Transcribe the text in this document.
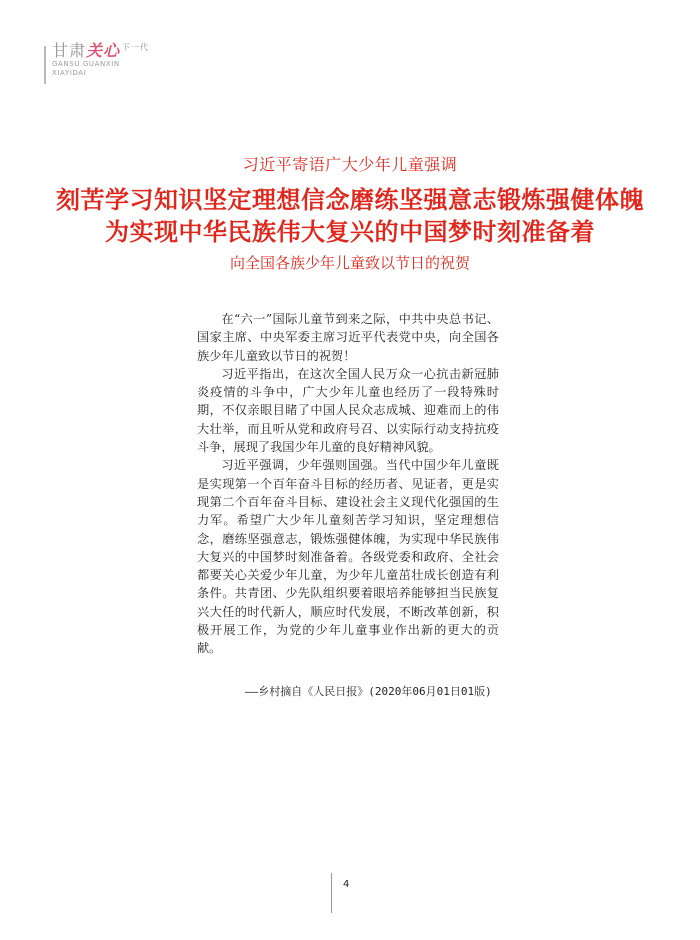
甘肃关心 $^{下一代}$
GANSU GUANXIN
XIAYIDAI
习近平寄语广大少年儿童强调
刻苦学习知识坚定理想信念磨练坚强意志锻炼强健体魄
为实现中华民族伟大复兴的中国梦时刻准备着
向全国各族少年儿童致以节日的祝贺

在“六一”国际儿童节到来之际，中共中央总书记、国家主席、中央军委主席习近平代表党中央，向全国各族少年儿童致以节日的祝贺！

习近平指出，在这次全国人民万众一心抗击新冠肺炎疫情的斗争中，广大少年儿童也经历了一段特殊时期，不仅亲眼目睹了中国人民众志成城、迎难而上的伟大壮举，而且听从党和政府号召、以实际行动支持抗疫斗争，展现了我国少年儿童的良好精神风貌。

习近平强调，少年强则国强。当代中国少年儿童既是实现第一个百年奋斗目标的经历者、见证者，更是实现第二个百年奋斗目标、建设社会主义现代化强国的生力军。希望广大少年儿童刻苦学习知识，坚定理想信念，磨练坚强意志，锻炼强健体魄，为实现中华民族伟大复兴的中国梦时刻准备着。各级党委和政府、全社会都要关心关爱少年儿童，为少年儿童茁壮成长创造有利条件。共青团、少先队组织要着眼培养能够担当民族复兴大任的时代新人，顺应时代发展，不断改革创新，积极开展工作，为党的少年儿童事业作出新的更大的贡献。

——乡村摘自《人民日报》(2020年06月01日01版)
4
